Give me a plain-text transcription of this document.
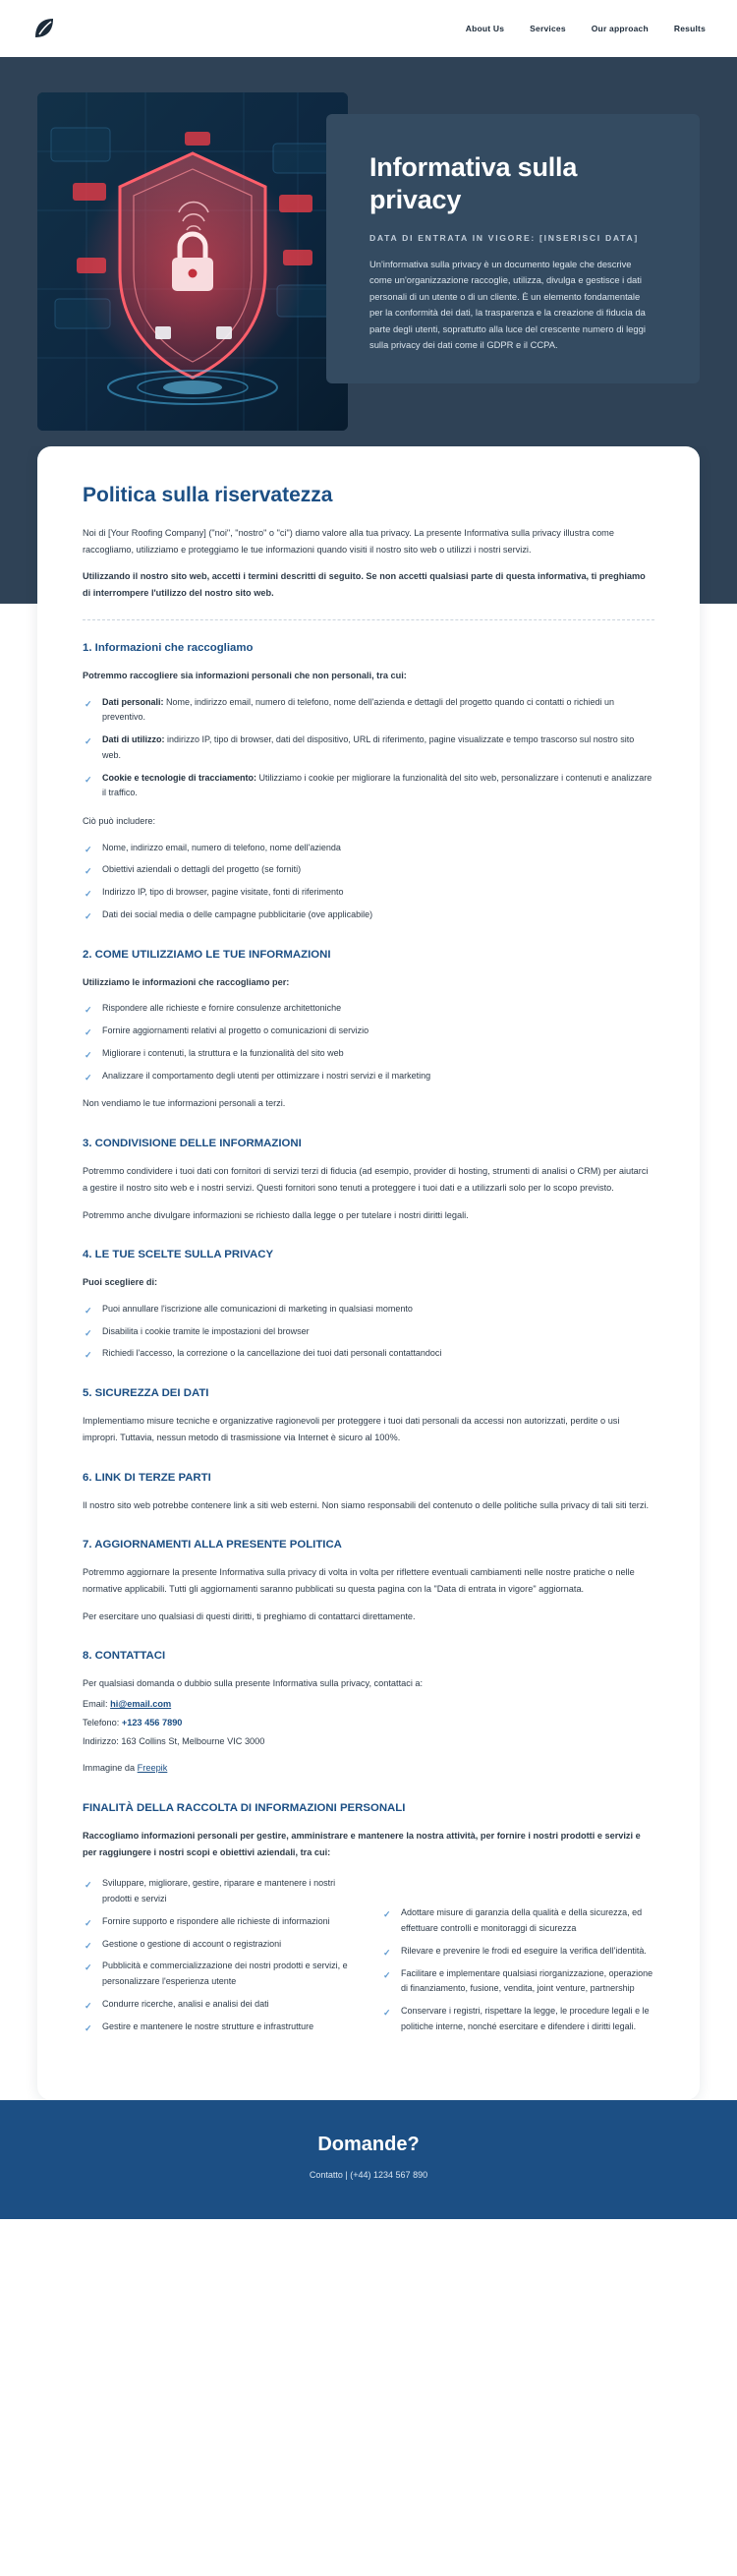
About Us	Services	Our approach	Results
Informativa sulla privacy
DATA DI ENTRATA IN VIGORE: [INSERISCI DATA]

Un'informativa sulla privacy è un documento legale che descrive come un'organizzazione raccoglie, utilizza, divulga e gestisce i dati personali di un utente o di un cliente. È un elemento fondamentale per la conformità dei dati, la trasparenza e la creazione di fiducia da parte degli utenti, soprattutto alla luce del crescente numero di leggi sulla privacy dei dati come il GDPR e il CCPA.

Politica sulla riservatezza

Noi di [Your Roofing Company] ("noi", "nostro" o "ci") diamo valore alla tua privacy. La presente Informativa sulla privacy illustra come raccogliamo, utilizziamo e proteggiamo le tue informazioni quando visiti il nostro sito web o utilizzi i nostri servizi.

Utilizzando il nostro sito web, accetti i termini descritti di seguito. Se non accetti qualsiasi parte di questa informativa, ti preghiamo di interrompere l'utilizzo del nostro sito web.

1. Informazioni che raccogliamo

Potremmo raccogliere sia informazioni personali che non personali, tra cui:

✓ Dati personali: Nome, indirizzo email, numero di telefono, nome dell'azienda e dettagli del progetto quando ci contatti o richiedi un preventivo.
✓ Dati di utilizzo: indirizzo IP, tipo di browser, dati del dispositivo, URL di riferimento, pagine visualizzate e tempo trascorso sul nostro sito web.
✓ Cookie e tecnologie di tracciamento: Utilizziamo i cookie per migliorare la funzionalità del sito web, personalizzare i contenuti e analizzare il traffico.

Ciò può includere:

✓ Nome, indirizzo email, numero di telefono, nome dell'azienda
✓ Obiettivi aziendali o dettagli del progetto (se forniti)
✓ Indirizzo IP, tipo di browser, pagine visitate, fonti di riferimento
✓ Dati dei social media o delle campagne pubblicitarie (ove applicabile)
2. COME UTILIZZIAMO LE TUE INFORMAZIONI

Utilizziamo le informazioni che raccogliamo per:

✓ Rispondere alle richieste e fornire consulenze architettoniche
✓ Fornire aggiornamenti relativi al progetto o comunicazioni di servizio
✓ Migliorare i contenuti, la struttura e la funzionalità del sito web
✓ Analizzare il comportamento degli utenti per ottimizzare i nostri servizi e il marketing

Non vendiamo le tue informazioni personali a terzi.

3. CONDIVISIONE DELLE INFORMAZIONI

Potremmo condividere i tuoi dati con fornitori di servizi terzi di fiducia (ad esempio, provider di hosting, strumenti di analisi o CRM) per aiutarci a gestire il nostro sito web e i nostri servizi. Questi fornitori sono tenuti a proteggere i tuoi dati e a utilizzarli solo per lo scopo previsto.

Potremmo anche divulgare informazioni se richiesto dalla legge o per tutelare i nostri diritti legali.

4. LE TUE SCELTE SULLA PRIVACY

Puoi scegliere di:

✓ Puoi annullare l'iscrizione alle comunicazioni di marketing in qualsiasi momento
✓ Disabilita i cookie tramite le impostazioni del browser
✓ Richiedi l'accesso, la correzione o la cancellazione dei tuoi dati personali contattandoci
5. SICUREZZA DEI DATI

Implementiamo misure tecniche e organizzative ragionevoli per proteggere i tuoi dati personali da accessi non autorizzati, perdite o usi impropri. Tuttavia, nessun metodo di trasmissione via Internet è sicuro al 100%.

6. LINK DI TERZE PARTI

Il nostro sito web potrebbe contenere link a siti web esterni. Non siamo responsabili del contenuto o delle politiche sulla privacy di tali siti terzi.

7. AGGIORNAMENTI ALLA PRESENTE POLITICA

Potremmo aggiornare la presente Informativa sulla privacy di volta in volta per riflettere eventuali cambiamenti nelle nostre pratiche o nelle normative applicabili. Tutti gli aggiornamenti saranno pubblicati su questa pagina con la "Data di entrata in vigore" aggiornata.

Per esercitare uno qualsiasi di questi diritti, ti preghiamo di contattarci direttamente.

8. CONTATTACI

Per qualsiasi domanda o dubbio sulla presente Informativa sulla privacy, contattaci a:

Email: hi@email.com

Telefono: +123 456 7890

Indirizzo: 163 Collins St, Melbourne VIC 3000

Immagine da Freepik

FINALITÀ DELLA RACCOLTA DI INFORMAZIONI PERSONALI

Raccogliamo informazioni personali per gestire, amministrare e mantenere la nostra attività, per fornire i nostri prodotti e servizi e per raggiungere i nostri scopi e obiettivi aziendali, tra cui:

✓ Sviluppare, migliorare, gestire, riparare e mantenere i nostri prodotti e servizi
✓ Fornire supporto e rispondere alle richieste di informazioni
✓ Gestione o gestione di account o registrazioni
✓ Pubblicità e commercializzazione dei nostri prodotti e servizi, e personalizzare l'esperienza utente
✓ Condurre ricerche, analisi e analisi dei dati
✓ Gestire e mantenere le nostre strutture e infrastrutture
✓ Adottare misure di garanzia della qualità e della sicurezza, ed effettuare controlli e monitoraggi di sicurezza
✓ Rilevare e prevenire le frodi ed eseguire la verifica dell'identità.
✓ Facilitare e implementare qualsiasi riorganizzazione, operazione di finanziamento, fusione, vendita, joint venture, partnership
✓ Conservare i registri, rispettare la legge, le procedure legali e le politiche interne, nonché esercitare e difendere i diritti legali.
Domande?
Contatto | (+44) 1234 567 890
